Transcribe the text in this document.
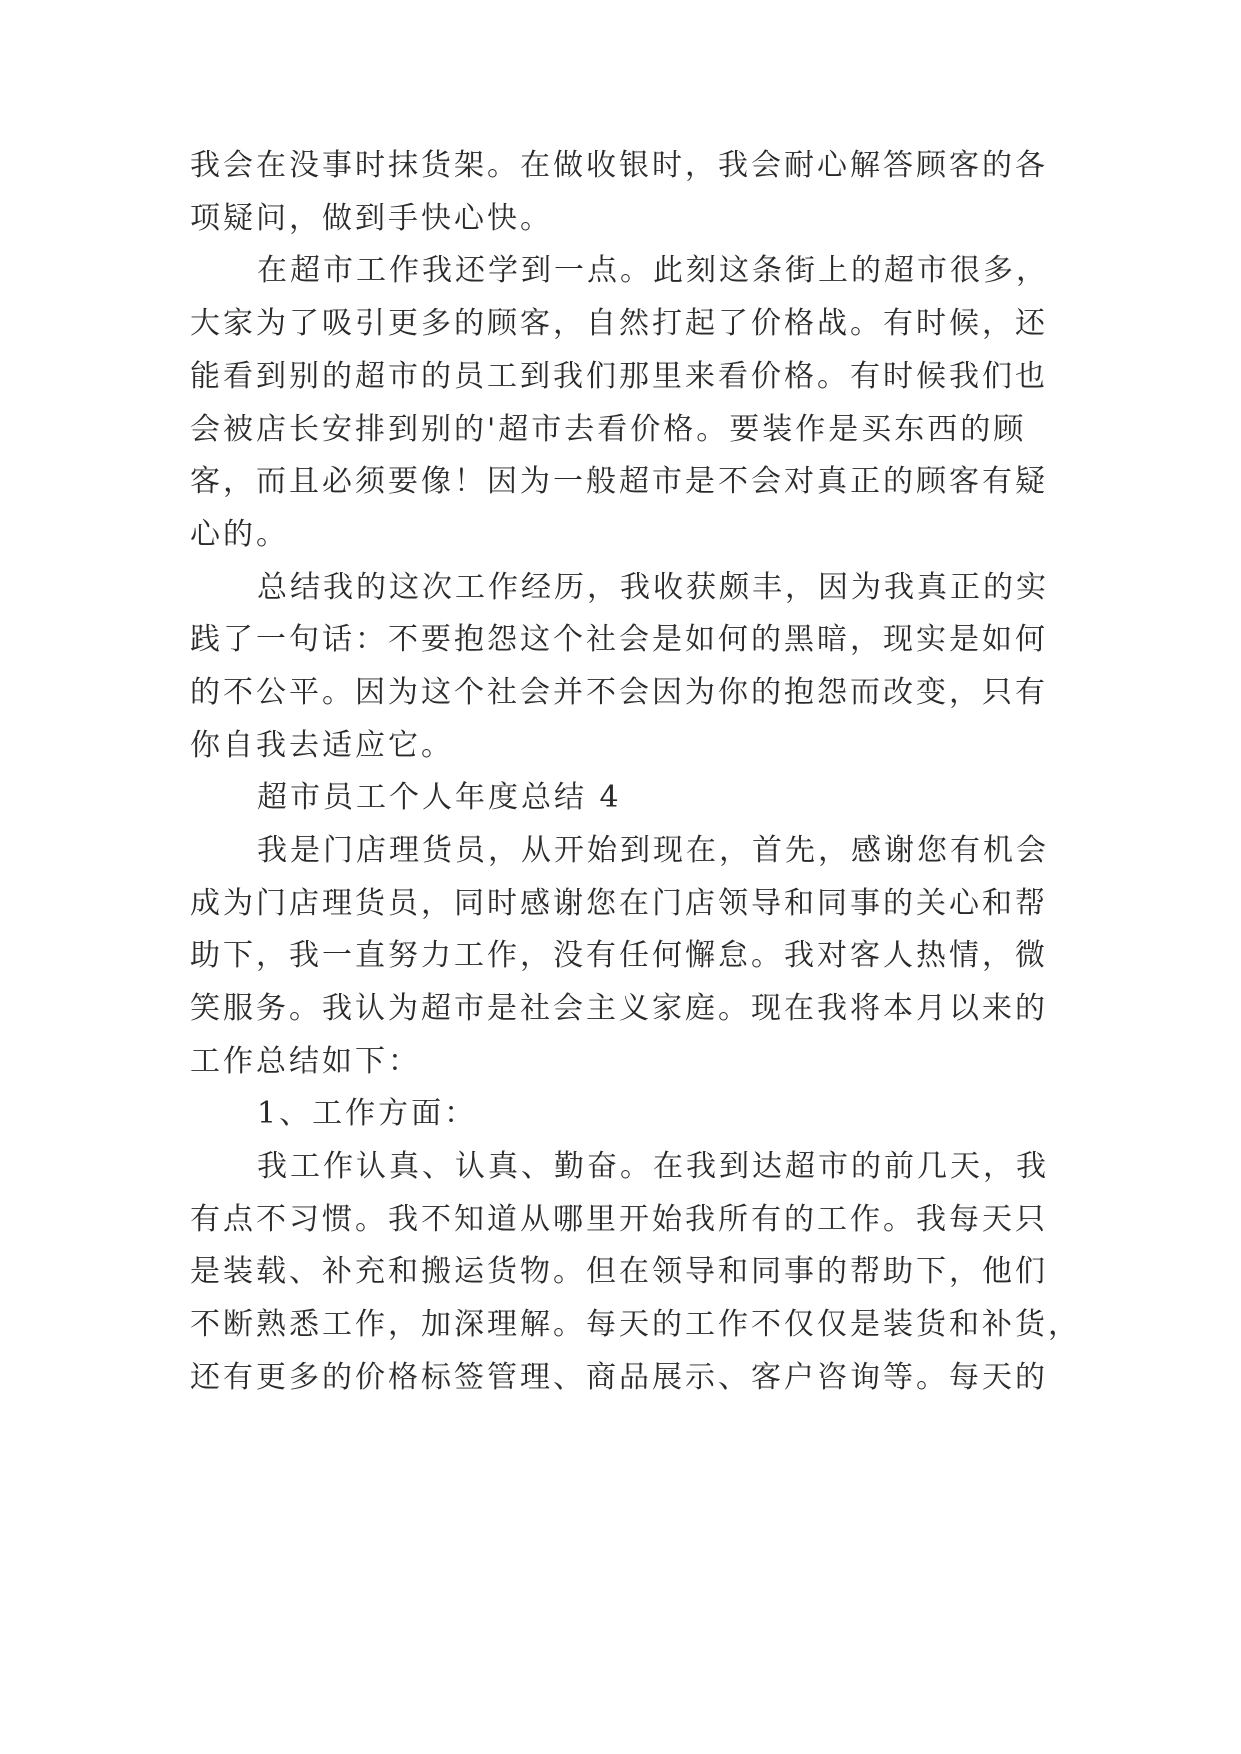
我会在没事时抹货架。在做收银时，我会耐心解答顾客的各
项疑问，做到手快心快。
在超市工作我还学到一点。此刻这条街上的超市很多，
大家为了吸引更多的顾客，自然打起了价格战。有时候，还
能看到别的超市的员工到我们那里来看价格。有时候我们也
会被店长安排到别的'超市去看价格。要装作是买东西的顾
客，而且必须要像！因为一般超市是不会对真正的顾客有疑
心的。
总结我的这次工作经历，我收获颇丰，因为我真正的实
践了一句话：不要抱怨这个社会是如何的黑暗，现实是如何
的不公平。因为这个社会并不会因为你的抱怨而改变，只有
你自我去适应它。
超市员工个人年度总结 4
我是门店理货员，从开始到现在，首先，感谢您有机会
成为门店理货员，同时感谢您在门店领导和同事的关心和帮
助下，我一直努力工作，没有任何懈怠。我对客人热情，微
笑服务。我认为超市是社会主义家庭。现在我将本月以来的
工作总结如下：
1、工作方面：
我工作认真、认真、勤奋。在我到达超市的前几天，我
有点不习惯。我不知道从哪里开始我所有的工作。我每天只
是装载、补充和搬运货物。但在领导和同事的帮助下，他们
不断熟悉工作，加深理解。每天的工作不仅仅是装货和补货，
还有更多的价格标签管理、商品展示、客户咨询等。每天的
